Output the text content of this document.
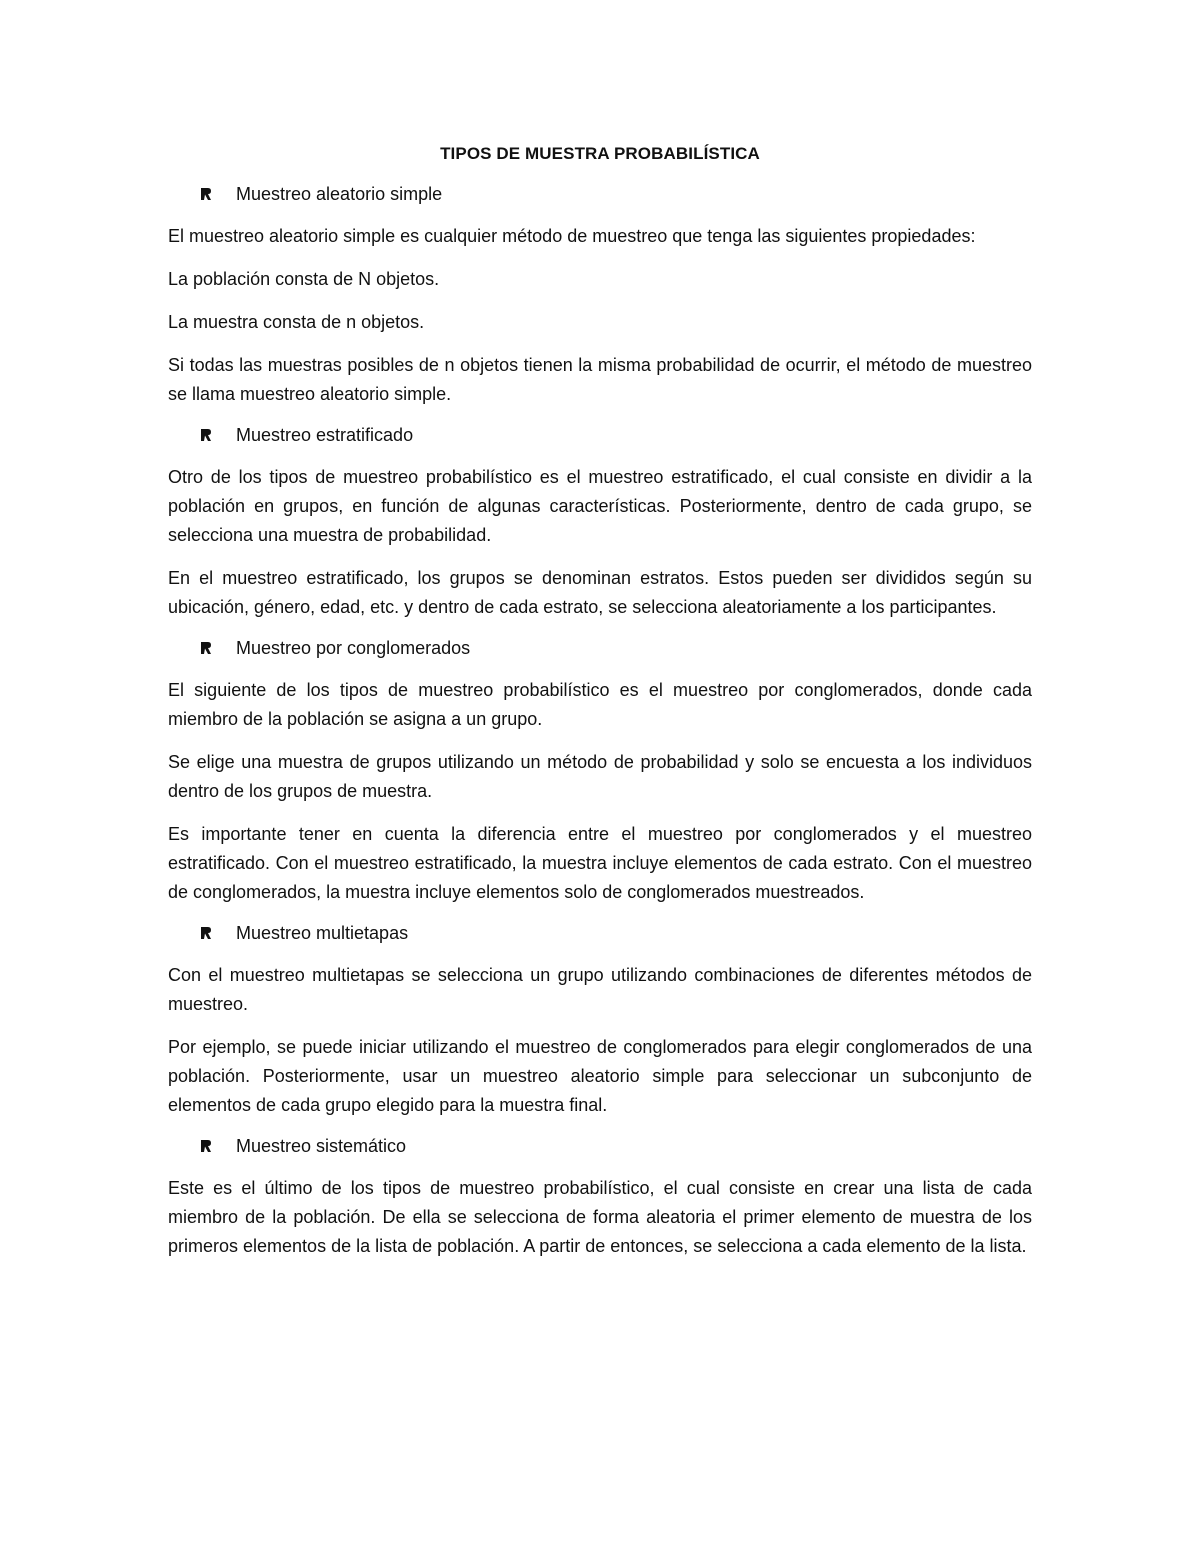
TIPOS DE MUESTRA PROBABILÍSTICA
Muestreo aleatorio simple

El muestreo aleatorio simple es cualquier método de muestreo que tenga las siguientes propiedades:

La población consta de N objetos.

La muestra consta de n objetos.

Si todas las muestras posibles de n objetos tienen la misma probabilidad de ocurrir, el método de muestreo se llama muestreo aleatorio simple.

Muestreo estratificado

Otro de los tipos de muestreo probabilístico es el muestreo estratificado, el cual consiste en dividir a la población en grupos, en función de algunas características. Posteriormente, dentro de cada grupo, se selecciona una muestra de probabilidad.

En el muestreo estratificado, los grupos se denominan estratos. Estos pueden ser divididos según su ubicación, género, edad, etc. y dentro de cada estrato, se selecciona aleatoriamente a los participantes.

Muestreo por conglomerados

El siguiente de los tipos de muestreo probabilístico es el muestreo por conglomerados, donde cada miembro de la población se asigna a un grupo.

Se elige una muestra de grupos utilizando un método de probabilidad y solo se encuesta a los individuos dentro de los grupos de muestra.

Es importante tener en cuenta la diferencia entre el muestreo por conglomerados y el muestreo estratificado. Con el muestreo estratificado, la muestra incluye elementos de cada estrato. Con el muestreo de conglomerados, la muestra incluye elementos solo de conglomerados muestreados.

Muestreo multietapas

Con el muestreo multietapas se selecciona un grupo utilizando combinaciones de diferentes métodos de muestreo.

Por ejemplo, se puede iniciar utilizando el muestreo de conglomerados para elegir conglomerados de una población. Posteriormente, usar un muestreo aleatorio simple para seleccionar un subconjunto de elementos de cada grupo elegido para la muestra final.

Muestreo sistemático

Este es el último de los tipos de muestreo probabilístico, el cual consiste en crear una lista de cada miembro de la población. De ella se selecciona de forma aleatoria el primer elemento de muestra de los primeros elementos de la lista de población. A partir de entonces, se selecciona a cada elemento de la lista.
